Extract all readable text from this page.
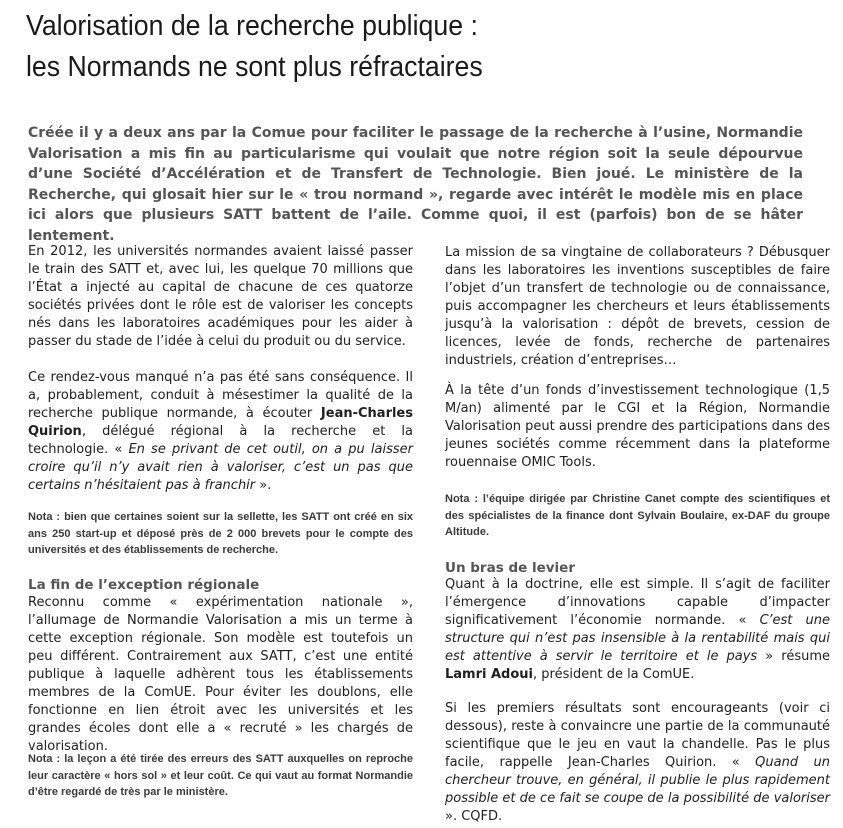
Valorisation de la recherche publique :
les Normands ne sont plus réfractaires

Créée il y a deux ans par la Comue pour faciliter le passage de la recherche à l’usine, Normandie Valorisation a mis fin au particularisme qui voulait que notre région soit la seule dépourvue d’une Société d’Accélération et de Transfert de Technologie. Bien joué. Le ministère de la Recherche, qui glosait hier sur le « trou normand », regarde avec intérêt le modèle mis en place ici alors que plusieurs SATT battent de l’aile. Comme quoi, il est (parfois) bon de se hâter lentement.

En 2012, les universités normandes avaient laissé passer le train des SATT et, avec lui, les quelque 70 millions que l’État a injecté au capital de chacune de ces quatorze sociétés privées dont le rôle est de valoriser les concepts nés dans les laboratoires académiques pour les aider à passer du stade de l’idée à celui du produit ou du service.

Ce rendez-vous manqué n’a pas été sans conséquence. Il a, probablement, conduit à mésestimer la qualité de la recherche publique normande, à écouter Jean-Charles Quirion, délégué régional à la recherche et la technologie. « En se privant de cet outil, on a pu laisser croire qu’il n’y avait rien à valoriser, c’est un pas que certains n’hésitaient pas à franchir ».

Nota : bien que certaines soient sur la sellette, les SATT ont créé en six ans 250 start-up et déposé près de 2 000 brevets pour le compte des universités et des établissements de recherche.

La fin de l’exception régionale

Reconnu comme « expérimentation nationale », l’allumage de Normandie Valorisation a mis un terme à cette exception régionale. Son modèle est toutefois un peu différent. Contrairement aux SATT, c’est une entité publique à laquelle adhèrent tous les établissements membres de la ComUE. Pour éviter les doublons, elle fonctionne en lien étroit avec les universités et les grandes écoles dont elle a « recruté » les chargés de valorisation.

Nota : la leçon a été tirée des erreurs des SATT auxquelles on reproche leur caractère « hors sol » et leur coût. Ce qui vaut au format Normandie d’être regardé de très par le ministère.

La mission de sa vingtaine de collaborateurs ? Débusquer dans les laboratoires les inventions susceptibles de faire l’objet d’un transfert de technologie ou de connaissance, puis accompagner les chercheurs et leurs établissements jusqu’à la valorisation : dépôt de brevets, cession de licences, levée de fonds, recherche de partenaires industriels, création d’entreprises…

À la tête d’un fonds d’investissement technologique (1,5 M/an) alimenté par le CGI et la Région, Normandie Valorisation peut aussi prendre des participations dans des jeunes sociétés comme récemment dans la plateforme rouennaise OMIC Tools.

Nota : l’équipe dirigée par Christine Canet compte des scientifiques et des spécialistes de la finance dont Sylvain Boulaire, ex-DAF du groupe Altitude.

Un bras de levier

Quant à la doctrine, elle est simple. Il s’agit de faciliter l’émergence d’innovations capable d’impacter significativement l’économie normande. « C’est une structure qui n’est pas insensible à la rentabilité mais qui est attentive à servir le territoire et le pays » résume Lamri Adoui, président de la ComUE.

Si les premiers résultats sont encourageants (voir ci dessous), reste à convaincre une partie de la communauté scientifique que le jeu en vaut la chandelle. Pas le plus facile, rappelle Jean-Charles Quirion. « Quand un chercheur trouve, en général, il publie le plus rapidement possible et de ce fait se coupe de la possibilité de valoriser ». CQFD.
